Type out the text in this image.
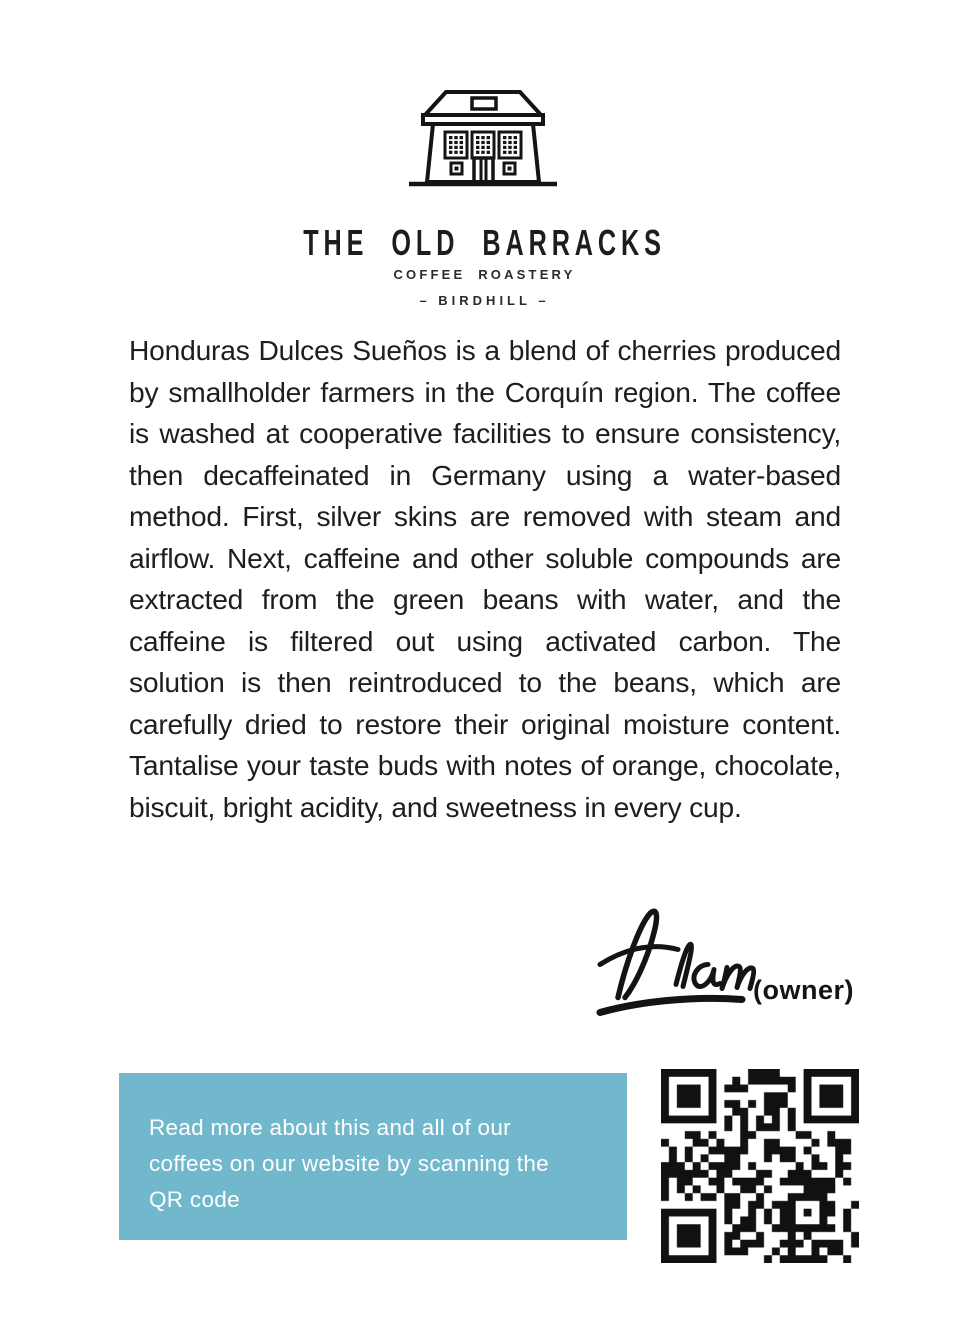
THE OLD BARRACKS
COFFEE ROASTERY
– BIRDHILL –

Honduras Dulces Sueños is a blend of cherries produced by smallholder farmers in the Corquín region. The coffee is washed at cooperative facilities to ensure consistency, then decaffeinated in Germany using a water-based method. First, silver skins are removed with steam and airflow. Next, caffeine and other soluble compounds are extracted from the green beans with water, and the caffeine is filtered out using activated carbon. The solution is then reintroduced to the beans, which are carefully dried to restore their original moisture content. Tantalise your taste buds with notes of orange, chocolate, biscuit, bright acidity, and sweetness in every cup.

(owner)

Read more about this and all of our coffees on our website by scanning the QR code
